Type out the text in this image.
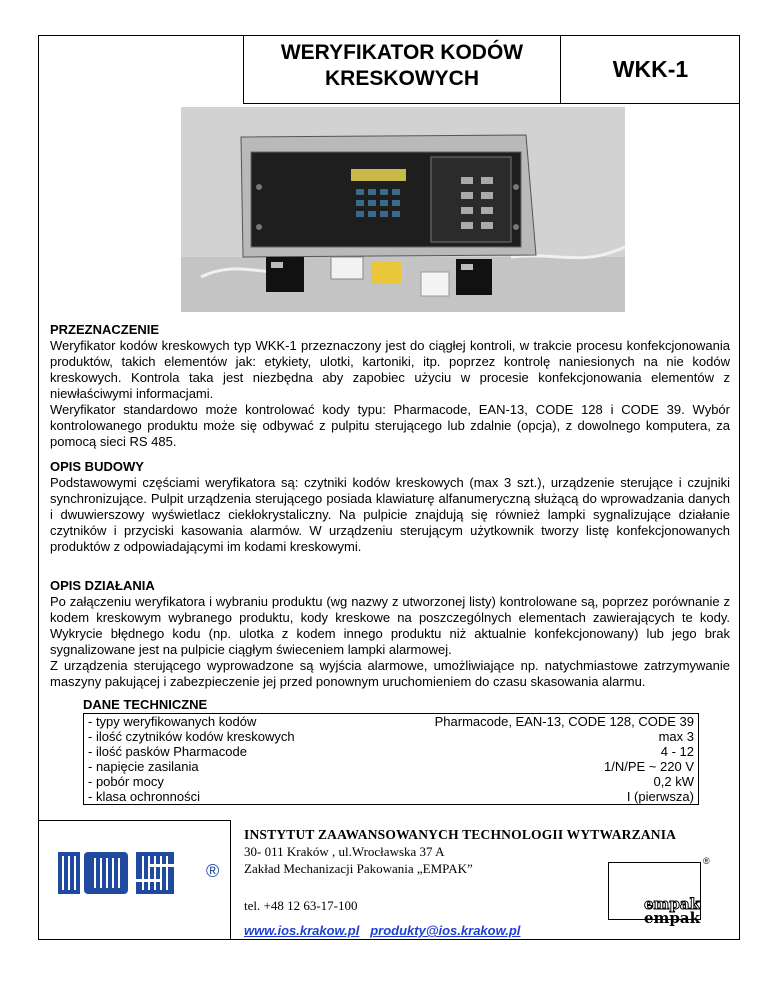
WERYFIKATOR KODÓW
KRESKOWYCH	WKK-1
PRZEZNACZENIE
Weryfikator kodów kreskowych typ WKK-1 przeznaczony jest do ciągłej kontroli, w trakcie procesu konfekcjonowania produktów, takich elementów jak: etykiety, ulotki, kartoniki, itp. poprzez kontrolę naniesionych na nie kodów kreskowych. Kontrola taka jest niezbędna aby zapobiec użyciu w procesie konfekcjonowania elementów z niewłaściwymi informacjami.
Weryfikator standardowo może kontrolować kody typu: Pharmacode, EAN-13, CODE 128 i CODE 39. Wybór kontrolowanego produktu może się odbywać z pulpitu sterującego lub zdalnie (opcja), z dowolnego komputera, za pomocą sieci RS 485.
OPIS BUDOWY
Podstawowymi częściami weryfikatora są: czytniki kodów kreskowych (max 3 szt.), urządzenie sterujące i czujniki synchronizujące. Pulpit urządzenia sterującego posiada klawiaturę alfanumeryczną służącą do wprowadzania danych i dwuwierszowy wyświetlacz ciekłokrystaliczny. Na pulpicie znajdują się również lampki sygnalizujące działanie czytników i przyciski kasowania alarmów. W urządzeniu sterującym użytkownik tworzy listę konfekcjonowanych produktów z odpowiadającymi im kodami kreskowymi.
OPIS DZIAŁANIA
Po załączeniu weryfikatora i wybraniu produktu (wg nazwy z utworzonej listy) kontrolowane są, poprzez porównanie z kodem kreskowym wybranego produktu, kody kreskowe na poszczególnych elementach zawierających te kody. Wykrycie błędnego kodu (np. ulotka z kodem innego produktu niż aktualnie konfekcjonowany) lub jego brak sygnalizowane jest na pulpicie ciągłym świeceniem lampki alarmowej.
Z urządzenia sterującego wyprowadzone są wyjścia alarmowe, umożliwiające np. natychmiastowe zatrzymywanie maszyny pakującej i zabezpieczenie jej przed ponownym uruchomieniem do czasu skasowania alarmu.
DANE TECHNICZNE
- typy weryfikowanych kodów	Pharmacode, EAN-13, CODE 128, CODE 39
- ilość czytników kodów kreskowych	max 3
- ilość pasków Pharmacode	4 - 12
- napięcie zasilania	1/N/PE ~ 220 V
- pobór mocy	0,2 kW
- klasa ochronności	I (pierwsza)
®
INSTYTUT ZAAWANSOWANYCH TECHNOLOGII WYTWARZANIA
30- 011 Kraków , ul.Wrocławska 37 A
Zakład Mechanizacji Pakowania „EMPAK”
tel. +48 12 63-17-100
www.ios.krakow.pl produkty@ios.krakow.pl
empak
empak
®
